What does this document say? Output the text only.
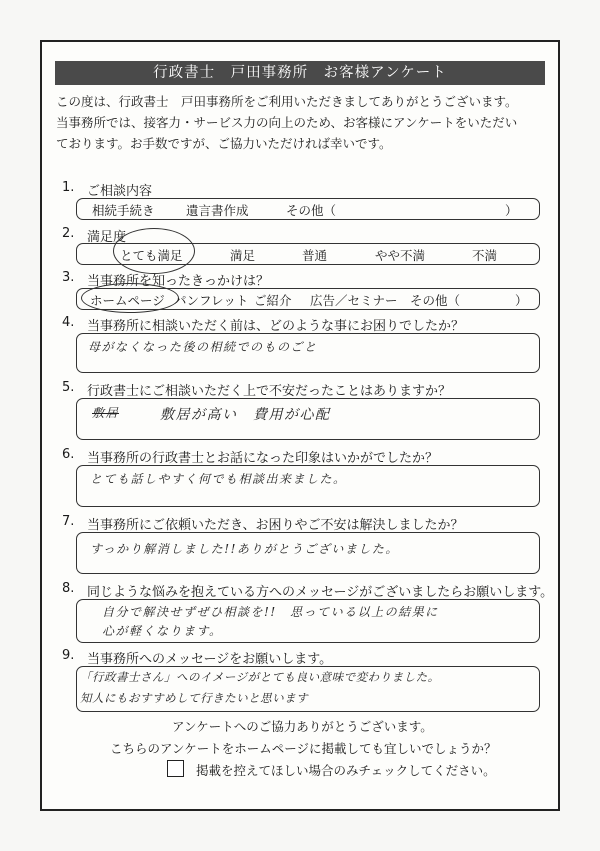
行政書士　戸田事務所　お客様アンケート
この度は、行政書士　戸田事務所をご利用いただきましてありがとうございます。
当事務所では、接客力・サービス力の向上のため、お客様にアンケートをいただい
ております。お手数ですが、ご協力いただければ幸いです。
1. ご相談内容
相続手続き	遺言書作成	その他（	）
2. 満足度
とても満足	満足	普通	やや不満	不満
3. 当事務所を知ったきっかけは？
ホームページ パンフレット ご紹介 広告／セミナー その他（	）
4. 当事務所に相談いただく前は、どのような事にお困りでしたか？
母がなくなった後の相続でのものごと
5. 行政書士にご相談いただく上で不安だったことはありますか？
敷居	敷居が高い　費用が心配
6. 当事務所の行政書士とお話になった印象はいかがでしたか？
とても話しやすく何でも相談出来ました。
7. 当事務所にご依頼いただき、お困りやご不安は解決しましたか？
すっかり解消しました!!ありがとうございました。
8. 同じような悩みを抱えている方へのメッセージがございましたらお願いします。
自分で解決せずぜひ相談を!!　思っている以上の結果に
心が軽くなります。
9. 当事務所へのメッセージをお願いします。
「行政書士さん」へのイメージがとても良い意味で変わりました。
知人にもおすすめして行きたいと思います
アンケートへのご協力ありがとうございます。
こちらのアンケートをホームページに掲載しても宜しいでしょうか？
掲載を控えてほしい場合のみチェックしてください。
